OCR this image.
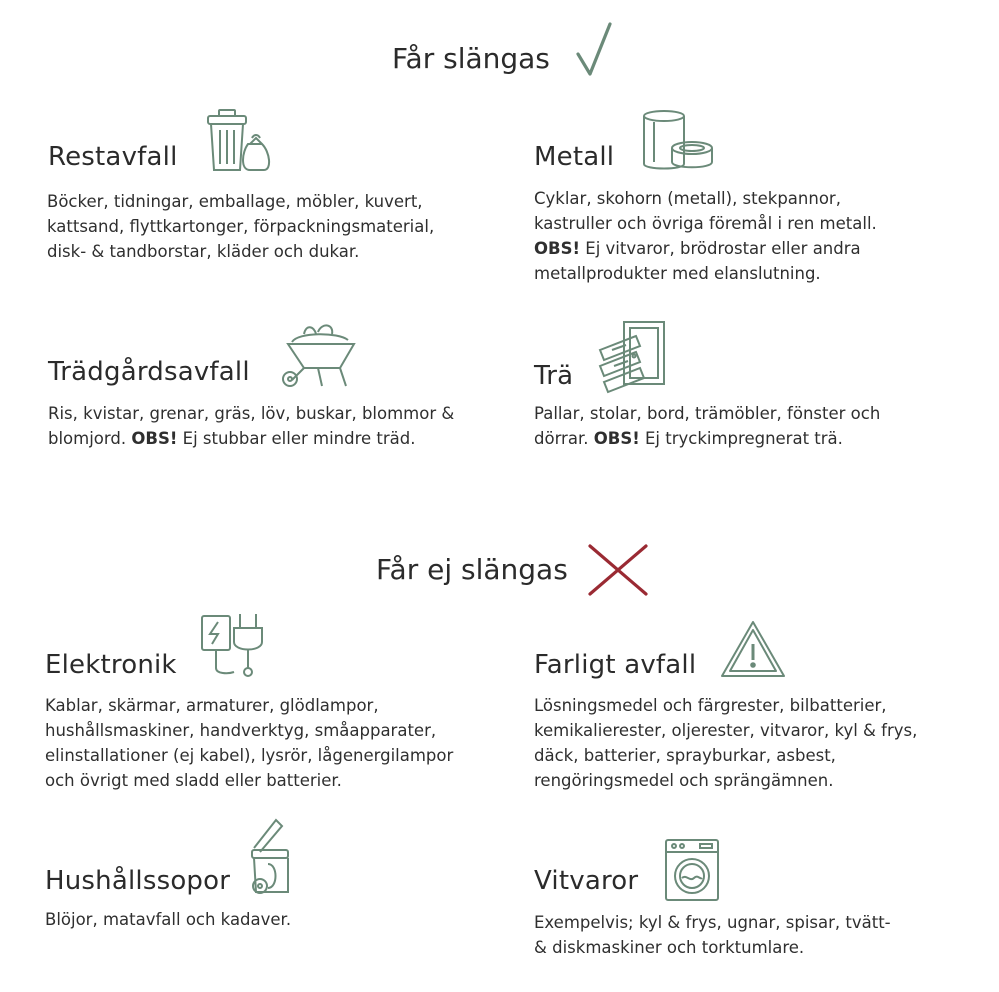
Får slängas
Restavfall

Böcker, tidningar, emballage, möbler, kuvert,
kattsand, flyttkartonger, förpackningsmaterial,
disk- & tandborstar, kläder och dukar.

Metall

Cyklar, skohorn (metall), stekpannor,
kastruller och övriga föremål i ren metall.
OBS! Ej vitvaror, brödrostar eller andra
metallprodukter med elanslutning.

Trädgårdsavfall

Ris, kvistar, grenar, gräs, löv, buskar, blommor &
blomjord. OBS! Ej stubbar eller mindre träd.

Trä

Pallar, stolar, bord, trämöbler, fönster och
dörrar. OBS! Ej tryckimpregnerat trä.

Får ej slängas
Elektronik

Kablar, skärmar, armaturer, glödlampor,
hushållsmaskiner, handverktyg, småapparater,
elinstallationer (ej kabel), lysrör, lågenergilampor
och övrigt med sladd eller batterier.

Farligt avfall

Lösningsmedel och färgrester, bilbatterier,
kemikalierester, oljerester, vitvaror, kyl & frys,
däck, batterier, sprayburkar, asbest,
rengöringsmedel och sprängämnen.

Hushållssopor

Blöjor, matavfall och kadaver.

Vitvaror

Exempelvis; kyl & frys, ugnar, spisar, tvätt-
& diskmaskiner och torktumlare.
